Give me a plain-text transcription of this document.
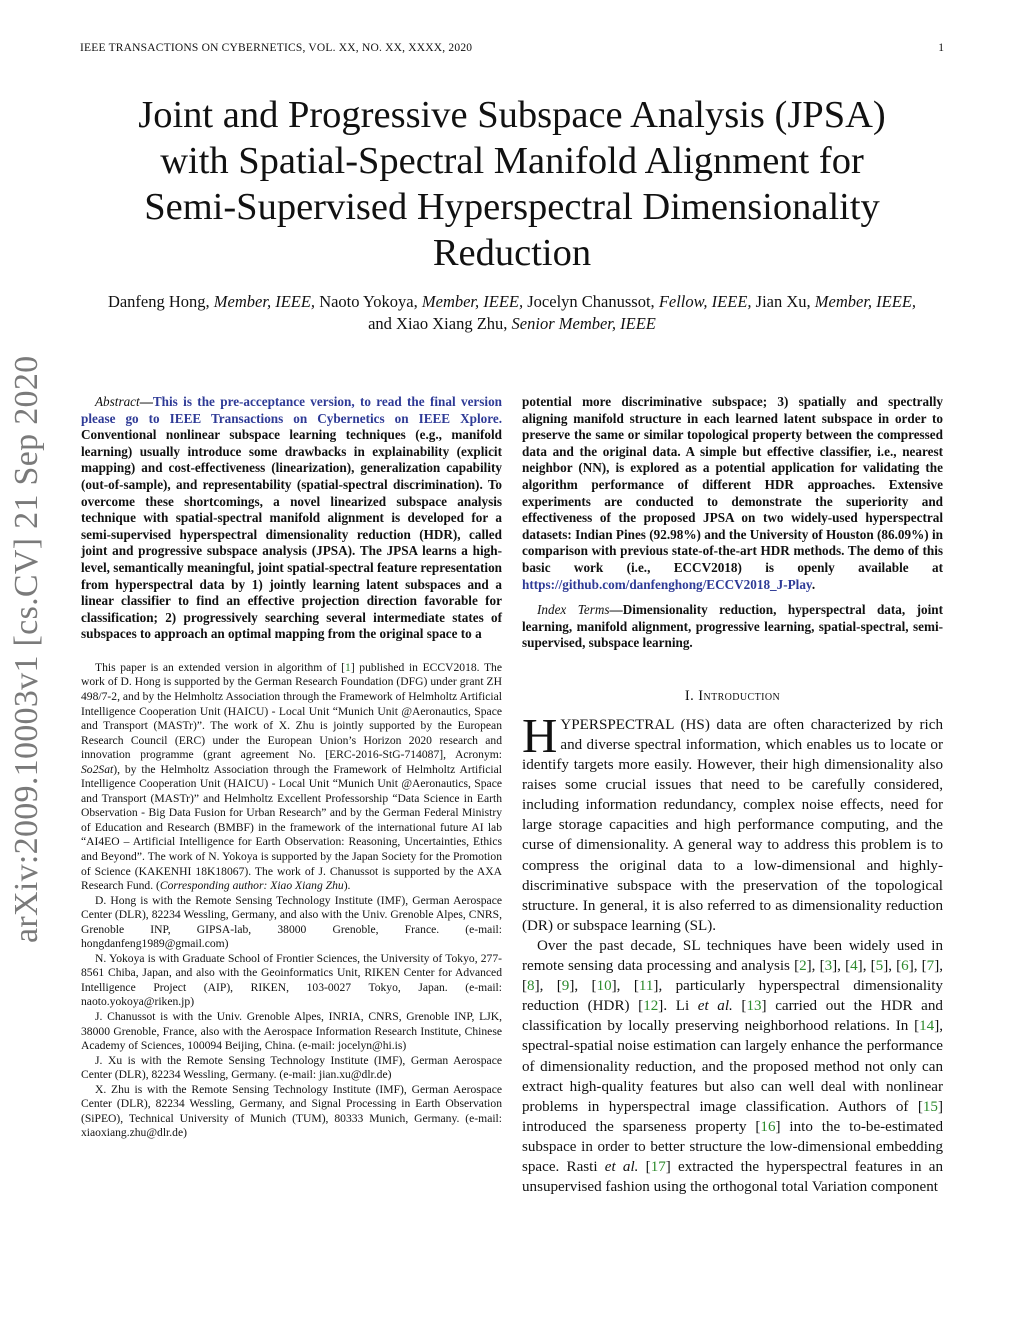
IEEE TRANSACTIONS ON CYBERNETICS, VOL. XX, NO. XX, XXXX, 2020	1
Joint and Progressive Subspace Analysis (JPSA)
with Spatial-Spectral Manifold Alignment for
Semi-Supervised Hyperspectral Dimensionality
Reduction
Danfeng Hong, Member, IEEE, Naoto Yokoya, Member, IEEE, Jocelyn Chanussot, Fellow, IEEE, Jian Xu, Member, IEEE, and Xiao Xiang Zhu, Senior Member, IEEE
arXiv:2009.10003v1 [cs.CV] 21 Sep 2020	Abstract—This is the pre-acceptance version, to read the final version please go to IEEE Transactions on Cybernetics on IEEE Xplore. Conventional nonlinear subspace learning techniques (e.g., manifold learning) usually introduce some drawbacks in explainability (explicit mapping) and cost-effectiveness (linearization), generalization capability (out-of-sample), and representability (spatial-spectral discrimination). To overcome these shortcomings, a novel linearized subspace analysis technique with spatial-spectral manifold alignment is developed for a semi-supervised hyperspectral dimensionality reduction (HDR), called joint and progressive subspace analysis (JPSA). The JPSA learns a high-level, semantically meaningful, joint spatial-spectral feature representation from hyperspectral data by 1) jointly learning latent subspaces and a linear classifier to find an effective projection direction favorable for classification; 2) progressively searching several intermediate states of subspaces to approach an optimal mapping from the original space to a

This paper is an extended version in algorithm of [1] published in ECCV2018. The work of D. Hong is supported by the German Research Foundation (DFG) under grant ZH 498/7-2, and by the Helmholtz Association through the Framework of Helmholtz Artificial Intelligence Cooperation Unit (HAICU) - Local Unit “Munich Unit @Aeronautics, Space and Transport (MASTr)”. The work of X. Zhu is jointly supported by the European Research Council (ERC) under the European Union’s Horizon 2020 research and innovation programme (grant agreement No. [ERC-2016-StG-714087], Acronym: So2Sat), by the Helmholtz Association through the Framework of Helmholtz Artificial Intelligence Cooperation Unit (HAICU) - Local Unit “Munich Unit @Aeronautics, Space and Transport (MASTr)” and Helmholtz Excellent Professorship “Data Science in Earth Observation - Big Data Fusion for Urban Research” and by the German Federal Ministry of Education and Research (BMBF) in the framework of the international future AI lab “AI4EO – Artificial Intelligence for Earth Observation: Reasoning, Uncertainties, Ethics and Beyond”. The work of N. Yokoya is supported by the Japan Society for the Promotion of Science (KAKENHI 18K18067). The work of J. Chanussot is supported by the AXA Research Fund. (Corresponding author: Xiao Xiang Zhu).

D. Hong is with the Remote Sensing Technology Institute (IMF), German Aerospace Center (DLR), 82234 Wessling, Germany, and also with the Univ. Grenoble Alpes, CNRS, Grenoble INP, GIPSA-lab, 38000 Grenoble, France. (e-mail: hongdanfeng1989@gmail.com)

N. Yokoya is with Graduate School of Frontier Sciences, the University of Tokyo, 277-8561 Chiba, Japan, and also with the Geoinformatics Unit, RIKEN Center for Advanced Intelligence Project (AIP), RIKEN, 103-0027 Tokyo, Japan. (e-mail: naoto.yokoya@riken.jp)

J. Chanussot is with the Univ. Grenoble Alpes, INRIA, CNRS, Grenoble INP, LJK, 38000 Grenoble, France, also with the Aerospace Information Research Institute, Chinese Academy of Sciences, 100094 Beijing, China. (e-mail: jocelyn@hi.is)

J. Xu is with the Remote Sensing Technology Institute (IMF), German Aerospace Center (DLR), 82234 Wessling, Germany. (e-mail: jian.xu@dlr.de)

X. Zhu is with the Remote Sensing Technology Institute (IMF), German Aerospace Center (DLR), 82234 Wessling, Germany, and Signal Processing in Earth Observation (SiPEO), Technical University of Munich (TUM), 80333 Munich, Germany. (e-mail: xiaoxiang.zhu@dlr.de)

potential more discriminative subspace; 3) spatially and spectrally aligning manifold structure in each learned latent subspace in order to preserve the same or similar topological property between the compressed data and the original data. A simple but effective classifier, i.e., nearest neighbor (NN), is explored as a potential application for validating the algorithm performance of different HDR approaches. Extensive experiments are conducted to demonstrate the superiority and effectiveness of the proposed JPSA on two widely-used hyperspectral datasets: Indian Pines (92.98%) and the University of Houston (86.09%) in comparison with previous state-of-the-art HDR methods. The demo of this basic work (i.e., ECCV2018) is openly available at https://github.com/danfenghong/ECCV2018_J-Play.

Index Terms—Dimensionality reduction, hyperspectral data, joint learning, manifold alignment, progressive learning, spatial-spectral, semi-supervised, subspace learning.

I. Introduction

HYPERSPECTRAL (HS) data are often characterized by rich and diverse spectral information, which enables us to locate or identify targets more easily. However, their high dimensionality also raises some crucial issues that need to be carefully considered, including information redundancy, complex noise effects, need for large storage capacities and high performance computing, and the curse of dimensionality. A general way to address this problem is to compress the original data to a low-dimensional and highly-discriminative subspace with the preservation of the topological structure. In general, it is also referred to as dimensionality reduction (DR) or subspace learning (SL).

Over the past decade, SL techniques have been widely used in remote sensing data processing and analysis [2], [3], [4], [5], [6], [7], [8], [9], [10], [11], particularly hyperspectral dimensionality reduction (HDR) [12]. Li et al. [13] carried out the HDR and classification by locally preserving neighborhood relations. In [14], spectral-spatial noise estimation can largely enhance the performance of dimensionality reduction, and the proposed method not only can extract high-quality features but also can well deal with nonlinear problems in hyperspectral image classification. Authors of [15] introduced the sparseness property [16] into the to-be-estimated subspace in order to better structure the low-dimensional embedding space. Rasti et al. [17] extracted the hyperspectral features in an unsupervised fashion using the orthogonal total Variation component
